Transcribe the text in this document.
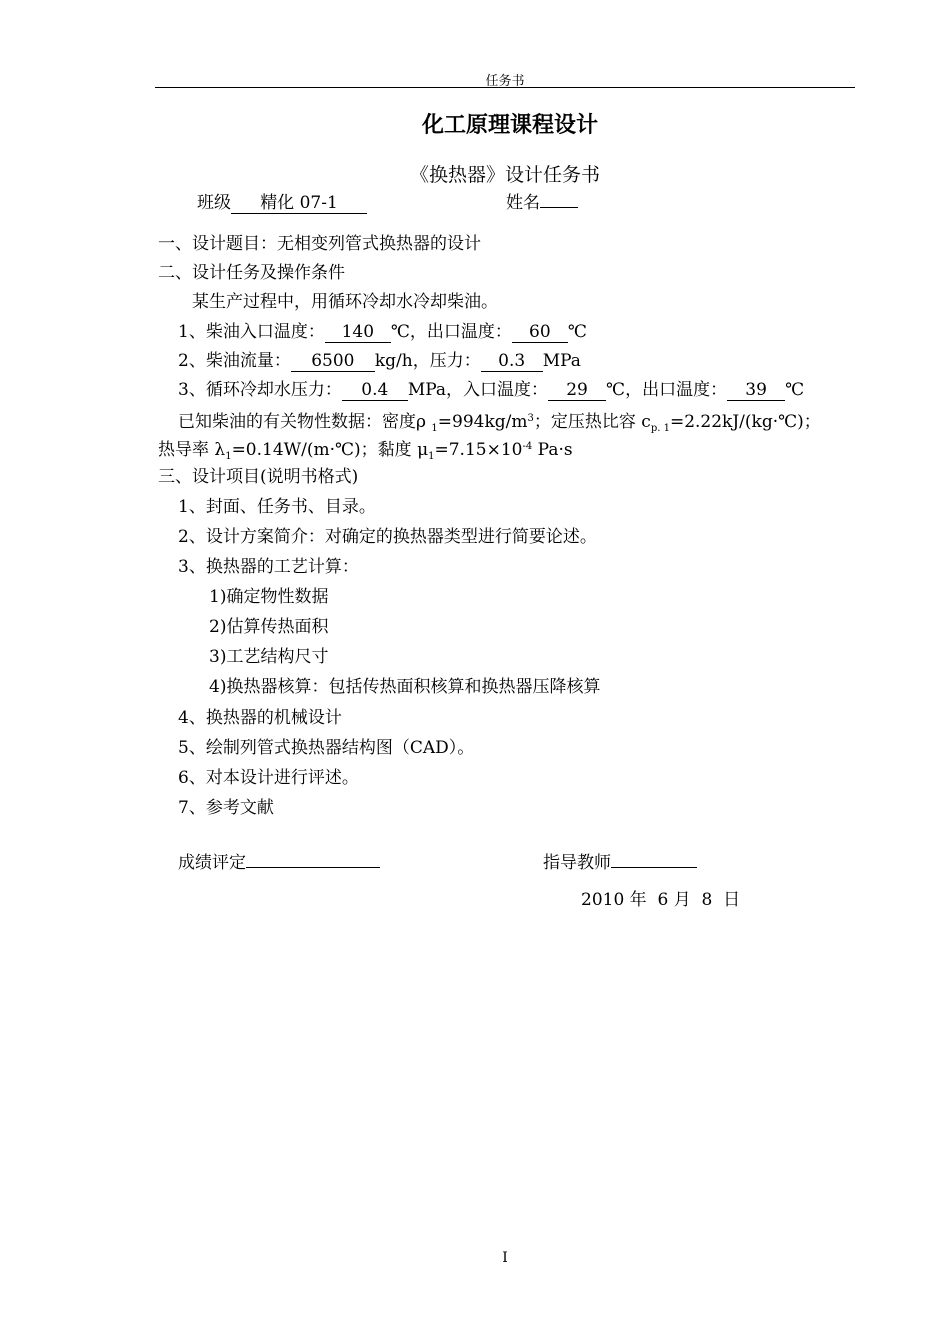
任务书
化工原理课程设计
《换热器》设计任务书
班级 精化 07-1	姓名
一、设计题目：无相变列管式换热器的设计
二、设计任务及操作条件
某生产过程中，用循环冷却水冷却柴油。
1、柴油入口温度： 140 ℃，出口温度： 60 ℃
2、柴油流量： 6500 kg/h，压力： 0.3 MPa
3、循环冷却水压力： 0.4 MPa，入口温度： 29 ℃，出口温度： 39 ℃
已知柴油的有关物性数据：密度ρ $_1=994kg/m^3$；定压热比容 $c_{p. 1}=2.22kJ/(kg\cdot℃)$；
热导率 $\lambda_1=0.14W/(m\cdot℃)$；黏度 $\mu_1=7.15\times 10^{-4}$ Pa·s
三、设计项目(说明书格式)
1、封面、任务书、目录。
2、设计方案简介：对确定的换热器类型进行简要论述。
3、换热器的工艺计算：
1)确定物性数据
2)估算传热面积
3)工艺结构尺寸
4)换热器核算：包括传热面积核算和换热器压降核算
4、换热器的机械设计
5、绘制列管式换热器结构图（CAD）。
6、对本设计进行评述。
7、参考文献
成绩评定	指导教师
2010 年  6 月  8  日
I
